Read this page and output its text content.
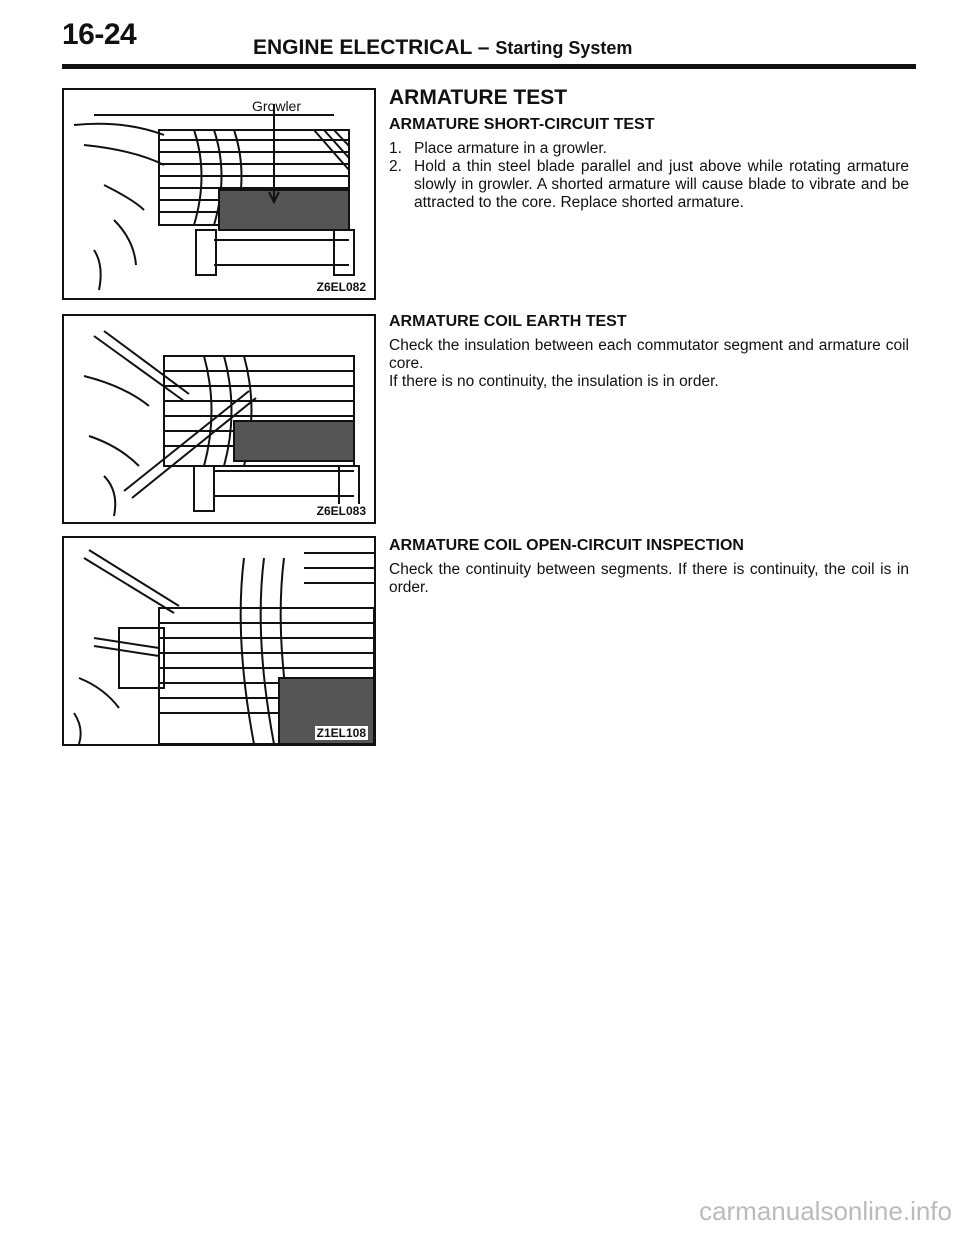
16-24	ENGINE ELECTRICAL – Starting System
Growler
Z6EL082
Z6EL083
Z1EL108
ARMATURE TEST
ARMATURE SHORT-CIRCUIT TEST
1. Place armature in a growler.
2. Hold a thin steel blade parallel and just above while rotating armature slowly in growler. A shorted armature will cause blade to vibrate and be attracted to the core. Replace shorted armature.
ARMATURE COIL EARTH TEST

Check the insulation between each commutator segment and armature coil core.

If there is no continuity, the insulation is in order.

ARMATURE COIL OPEN-CIRCUIT INSPECTION

Check the continuity between segments. If there is continuity, the coil is in order.

carmanualsonline.info
